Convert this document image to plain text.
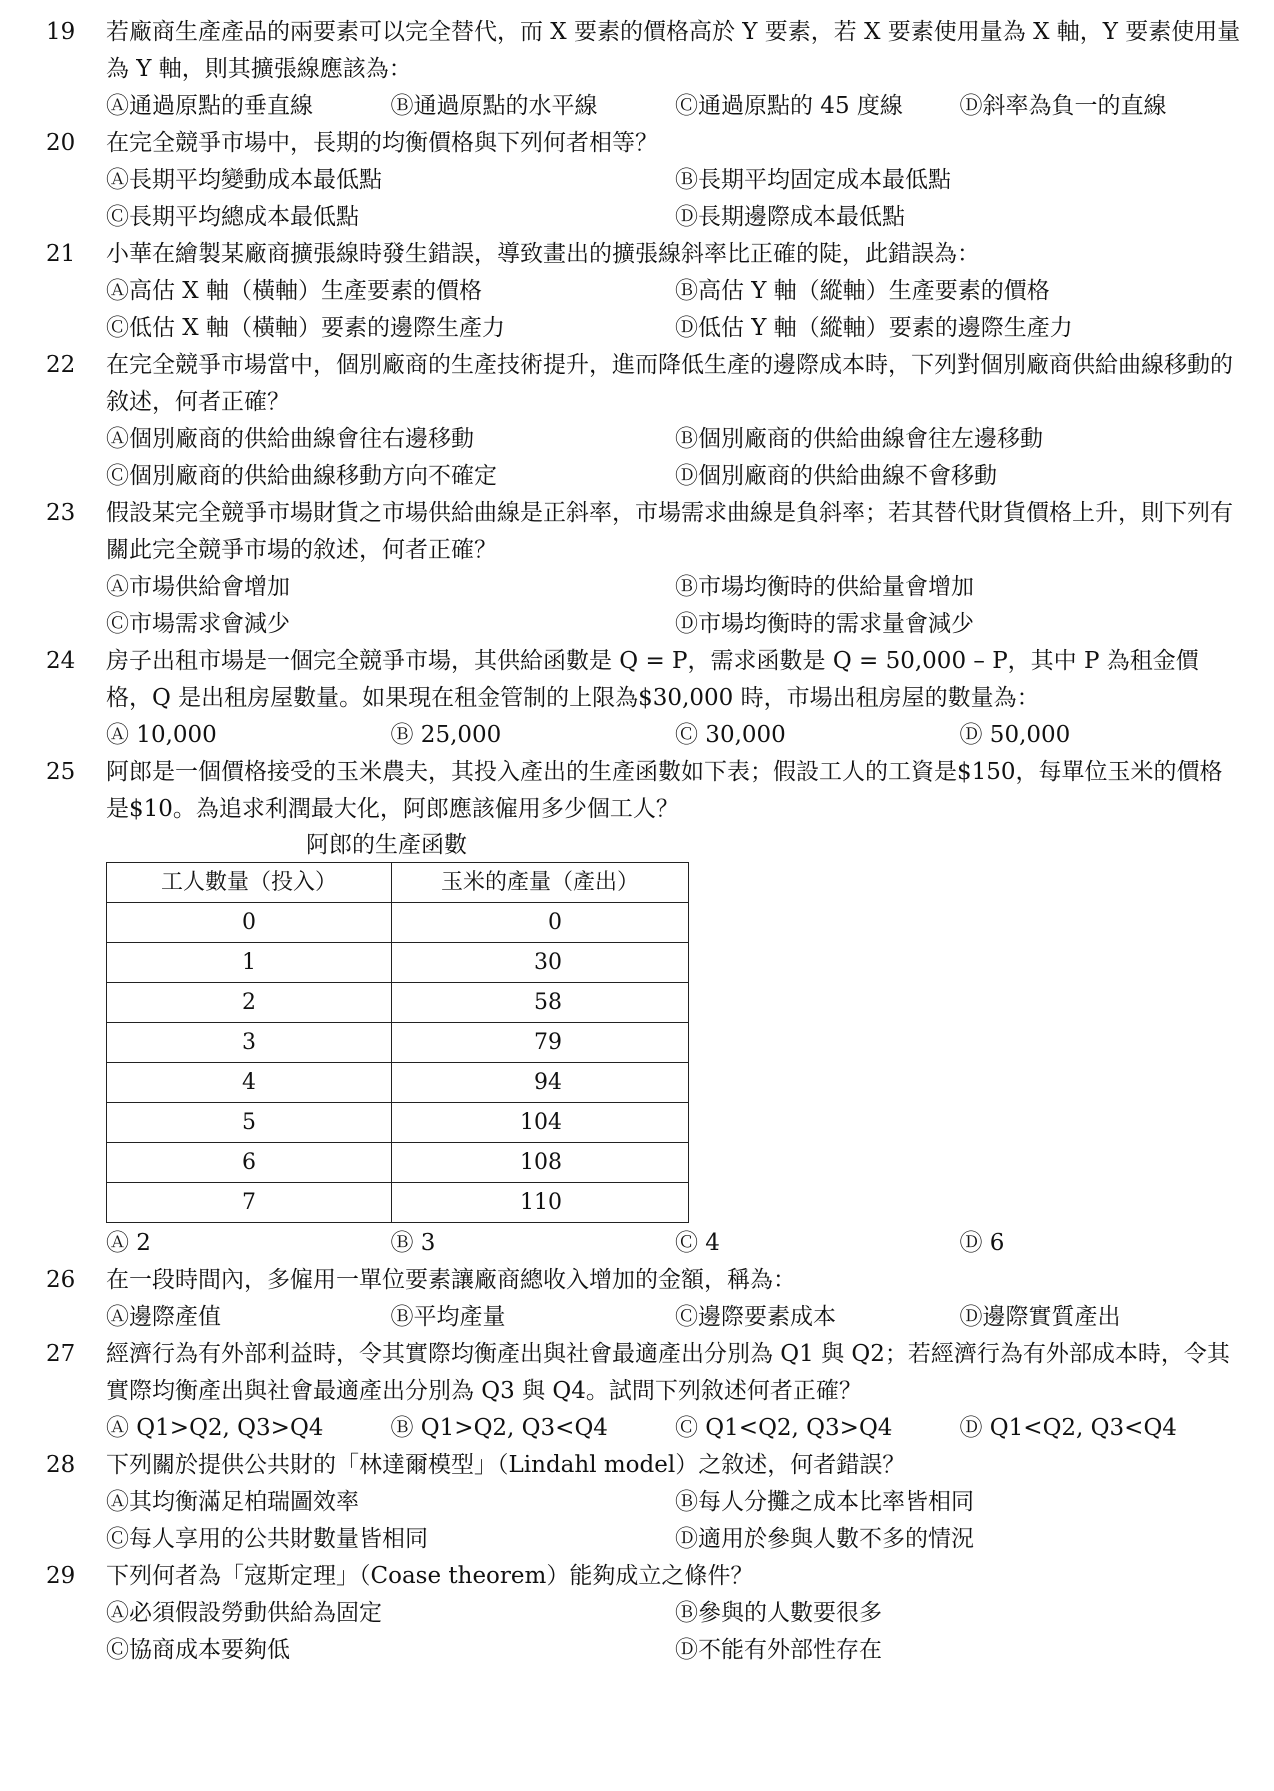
19 若廠商生產產品的兩要素可以完全替代，而 X 要素的價格高於 Y 要素，若 X 要素使用量為 X 軸，Y 要素使用量為 Y 軸，則其擴張線應該為：
Ⓐ通過原點的垂直線	Ⓑ通過原點的水平線	Ⓒ通過原點的 45 度線	Ⓓ斜率為負一的直線
20 在完全競爭市場中，長期的均衡價格與下列何者相等？
Ⓐ長期平均變動成本最低點	Ⓑ長期平均固定成本最低點
Ⓒ長期平均總成本最低點	Ⓓ長期邊際成本最低點
21 小華在繪製某廠商擴張線時發生錯誤，導致畫出的擴張線斜率比正確的陡，此錯誤為：
Ⓐ高估 X 軸（橫軸）生產要素的價格	Ⓑ高估 Y 軸（縱軸）生產要素的價格
Ⓒ低估 X 軸（橫軸）要素的邊際生產力	Ⓓ低估 Y 軸（縱軸）要素的邊際生產力
22 在完全競爭市場當中，個別廠商的生產技術提升，進而降低生產的邊際成本時，下列對個別廠商供給曲線移動的敘述，何者正確？
Ⓐ個別廠商的供給曲線會往右邊移動	Ⓑ個別廠商的供給曲線會往左邊移動
Ⓒ個別廠商的供給曲線移動方向不確定	Ⓓ個別廠商的供給曲線不會移動
23 假設某完全競爭市場財貨之市場供給曲線是正斜率，市場需求曲線是負斜率；若其替代財貨價格上升，則下列有關此完全競爭市場的敘述，何者正確？
Ⓐ市場供給會增加	Ⓑ市場均衡時的供給量會增加
Ⓒ市場需求會減少	Ⓓ市場均衡時的需求量會減少
24 房子出租市場是一個完全競爭市場，其供給函數是 Q = P，需求函數是 Q = 50,000 – P，其中 P 為租金價格，Q 是出租房屋數量。如果現在租金管制的上限為$30,000 時，市場出租房屋的數量為：
Ⓐ 10,000	Ⓑ 25,000	Ⓒ 30,000	Ⓓ 50,000
25 阿郎是一個價格接受的玉米農夫，其投入產出的生產函數如下表；假設工人的工資是$150，每單位玉米的價格是$10。為追求利潤最大化，阿郎應該僱用多少個工人？
阿郎的生產函數
工人數量（投入）	玉米的產量（產出）
0	0
1	30
2	58
3	79
4	94
5	104
6	108
7	110
Ⓐ 2	Ⓑ 3	Ⓒ 4	Ⓓ 6
26 在一段時間內，多僱用一單位要素讓廠商總收入增加的金額，稱為：
Ⓐ邊際產值	Ⓑ平均產量	Ⓒ邊際要素成本	Ⓓ邊際實質產出
27 經濟行為有外部利益時，令其實際均衡產出與社會最適產出分別為 Q1 與 Q2；若經濟行為有外部成本時，令其實際均衡產出與社會最適產出分別為 Q3 與 Q4。試問下列敘述何者正確？
Ⓐ Q1>Q2, Q3>Q4	Ⓑ Q1>Q2, Q3<Q4	Ⓒ Q1<Q2, Q3>Q4	Ⓓ Q1<Q2, Q3<Q4
28 下列關於提供公共財的「林達爾模型」（Lindahl model）之敘述，何者錯誤？
Ⓐ其均衡滿足柏瑞圖效率	Ⓑ每人分攤之成本比率皆相同
Ⓒ每人享用的公共財數量皆相同	Ⓓ適用於參與人數不多的情況
29 下列何者為「寇斯定理」（Coase theorem）能夠成立之條件？
Ⓐ必須假設勞動供給為固定	Ⓑ參與的人數要很多
Ⓒ協商成本要夠低	Ⓓ不能有外部性存在
